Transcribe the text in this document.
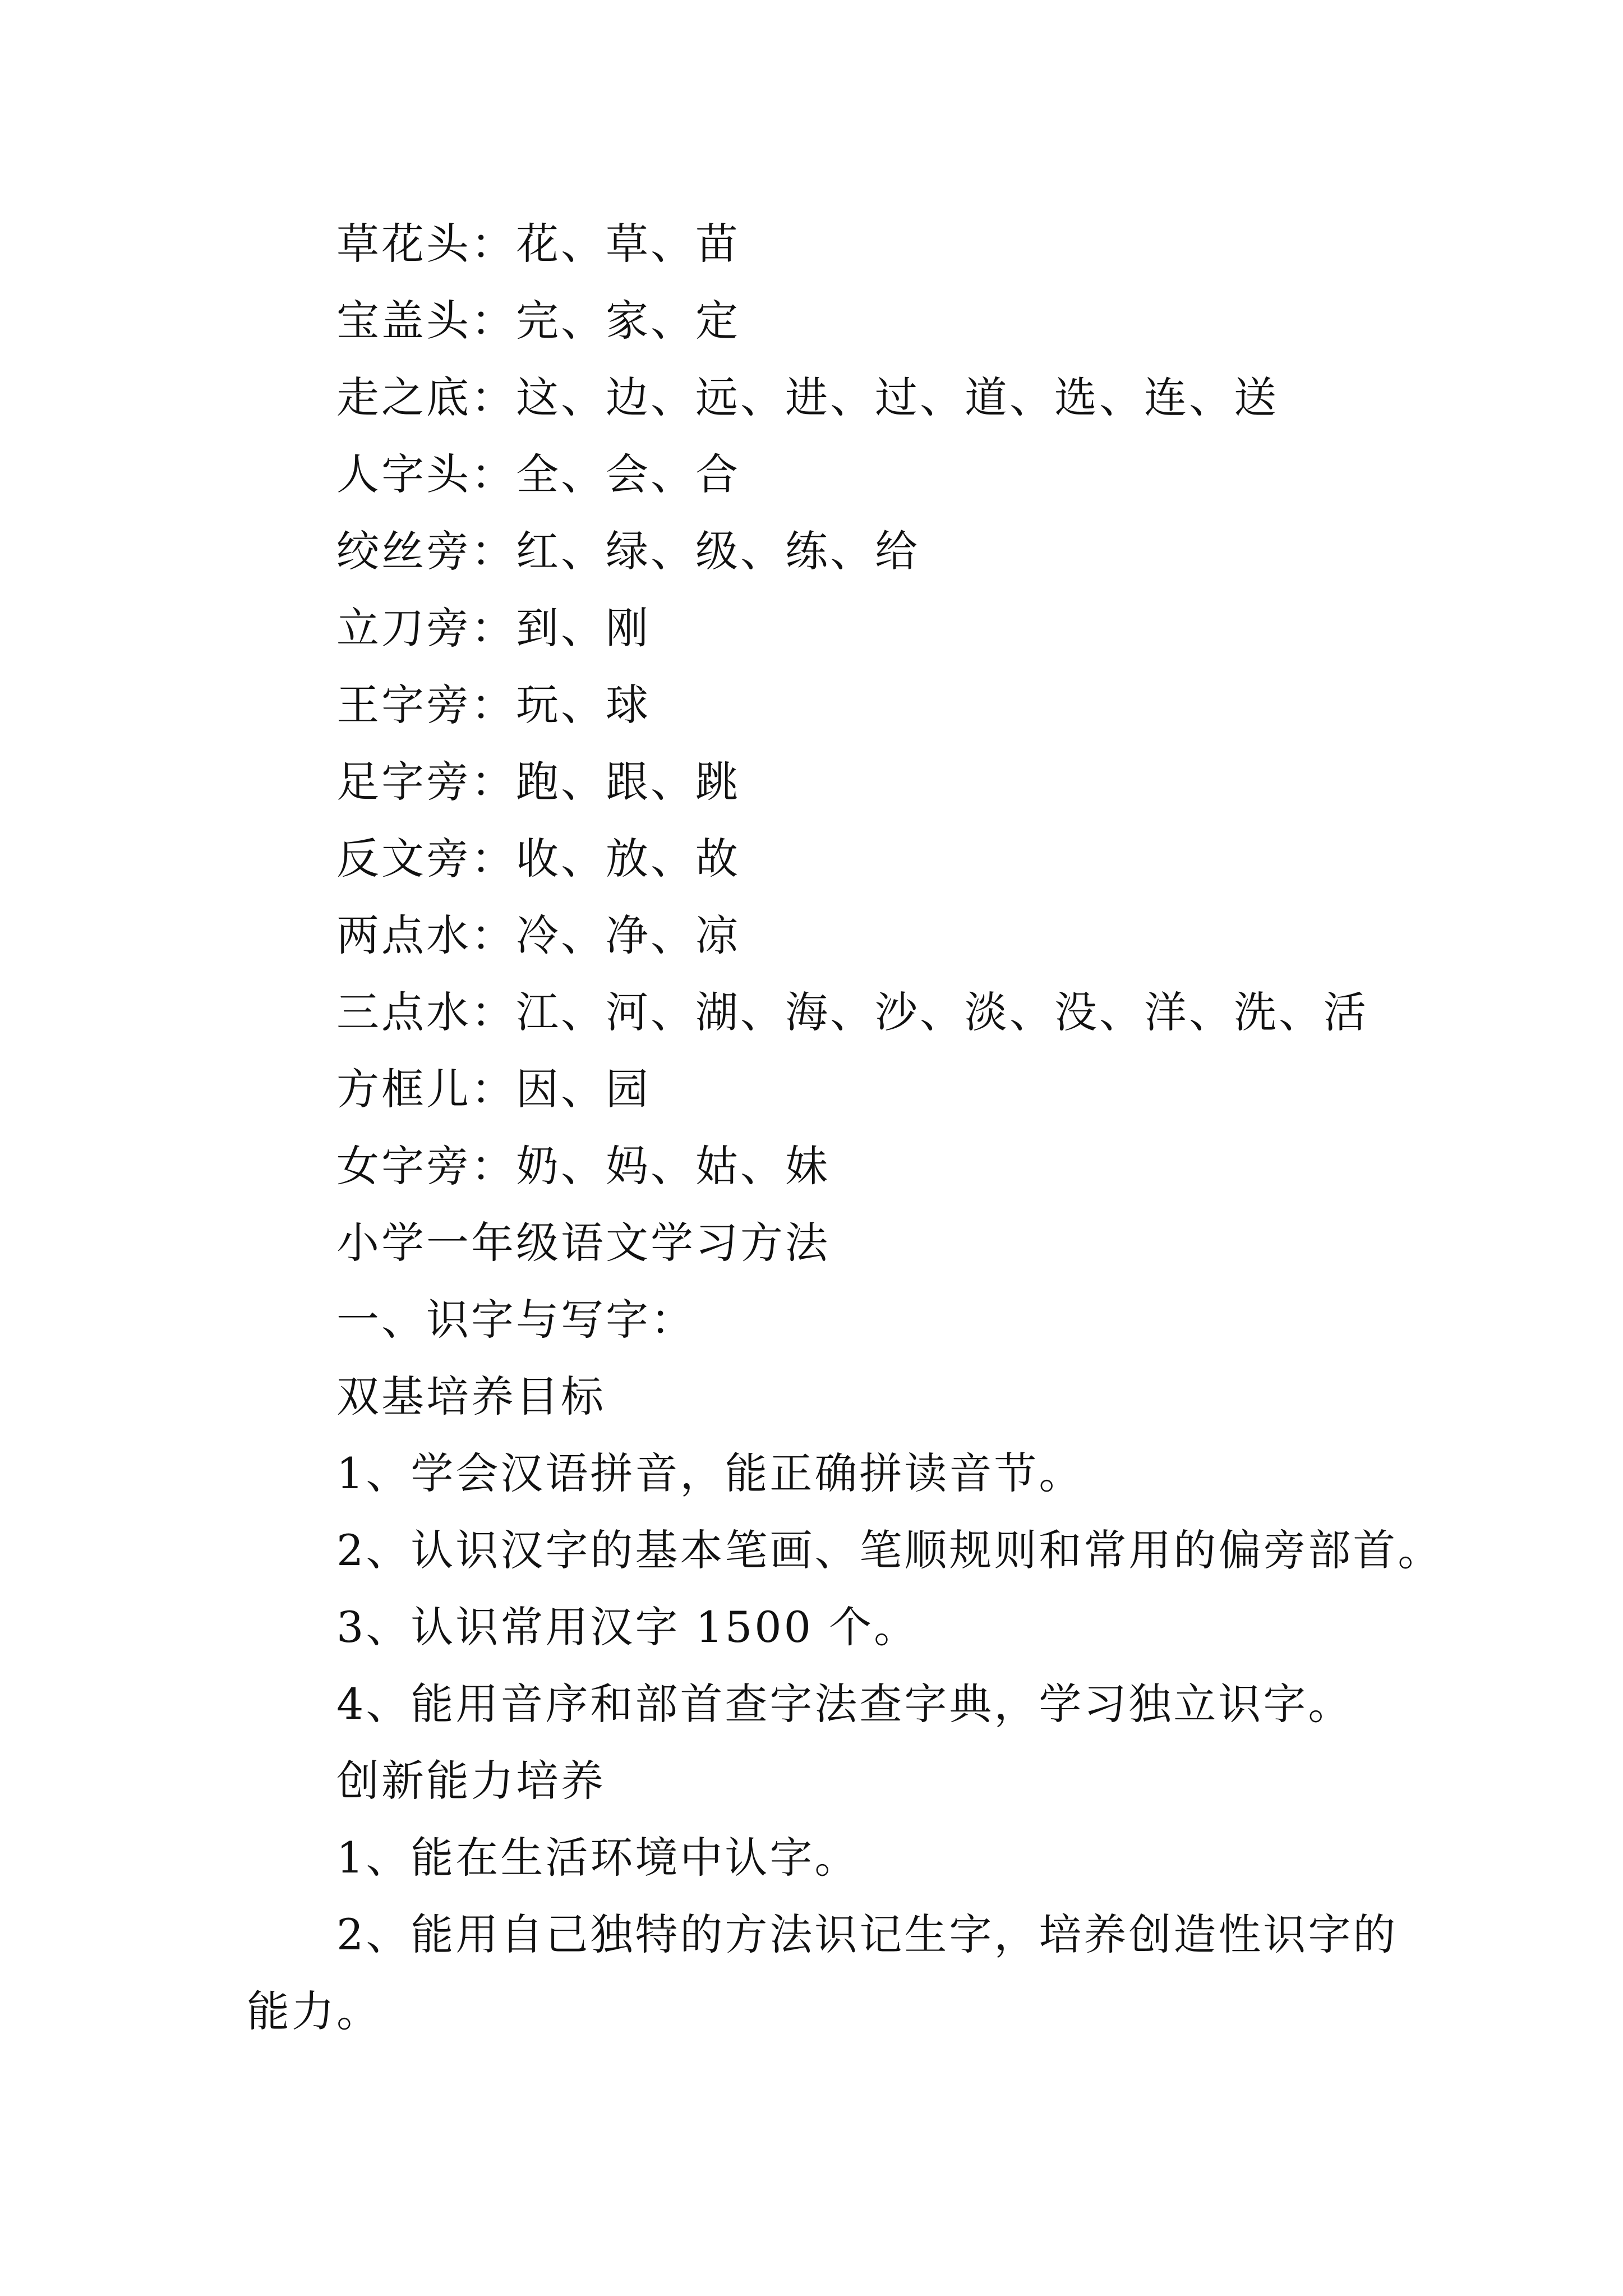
草花头：花、草、苗
宝盖头：完、家、定
走之底：这、边、远、进、过、道、选、连、送
人字头：全、会、合
绞丝旁：红、绿、级、练、给
立刀旁：到、刚
王字旁：玩、球
足字旁：跑、跟、跳
反文旁：收、放、故
两点水：冷、净、凉
三点水：江、河、湖、海、沙、淡、没、洋、洗、活
方框儿：因、园
女字旁：奶、妈、姑、妹
小学一年级语文学习方法
一、识字与写字：
双基培养目标
1、学会汉语拼音，能正确拼读音节。
2、认识汉字的基本笔画、笔顺规则和常用的偏旁部首。
3、认识常用汉字 1500 个。
4、能用音序和部首查字法查字典，学习独立识字。
创新能力培养
1、能在生活环境中认字。
2、能用自己独特的方法识记生字，培养创造性识字的
能力。
